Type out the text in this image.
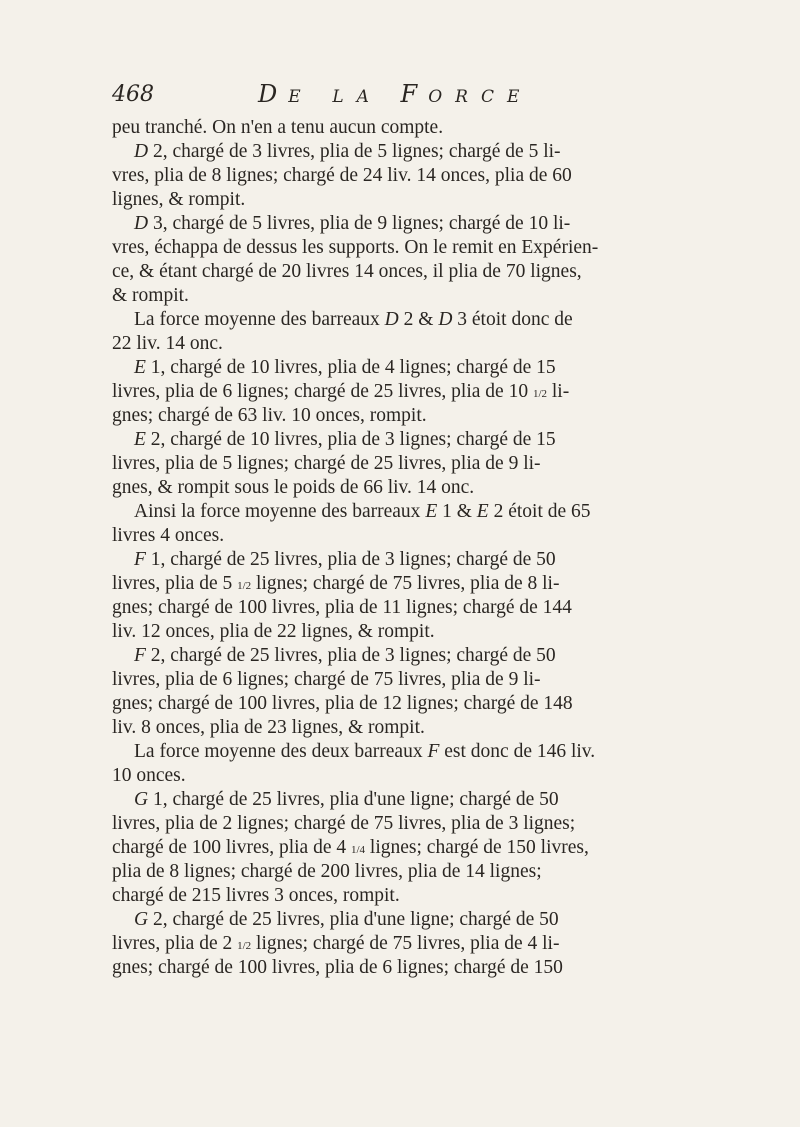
468	DE LA FORCE
peu tranché. On n'en a tenu aucun compte.
D 2, chargé de 3 livres, plia de 5 lignes; chargé de 5 li-
vres, plia de 8 lignes; chargé de 24 liv. 14 onces, plia de 60
lignes, & rompit.
D 3, chargé de 5 livres, plia de 9 lignes; chargé de 10 li-
vres, échappa de dessus les supports. On le remit en Expérien-
ce, & étant chargé de 20 livres 14 onces, il plia de 70 lignes,
& rompit.
La force moyenne des barreaux D 2 & D 3 étoit donc de
22 liv. 14 onc.
E 1, chargé de 10 livres, plia de 4 lignes; chargé de 15
livres, plia de 6 lignes; chargé de 25 livres, plia de 10 1/2 li-
gnes; chargé de 63 liv. 10 onces, rompit.
E 2, chargé de 10 livres, plia de 3 lignes; chargé de 15
livres, plia de 5 lignes; chargé de 25 livres, plia de 9 li-
gnes, & rompit sous le poids de 66 liv. 14 onc.
Ainsi la force moyenne des barreaux E 1 & E 2 étoit de 65
livres 4 onces.
F 1, chargé de 25 livres, plia de 3 lignes; chargé de 50
livres, plia de 5 1/2 lignes; chargé de 75 livres, plia de 8 li-
gnes; chargé de 100 livres, plia de 11 lignes; chargé de 144
liv. 12 onces, plia de 22 lignes, & rompit.
F 2, chargé de 25 livres, plia de 3 lignes; chargé de 50
livres, plia de 6 lignes; chargé de 75 livres, plia de 9 li-
gnes; chargé de 100 livres, plia de 12 lignes; chargé de 148
liv. 8 onces, plia de 23 lignes, & rompit.
La force moyenne des deux barreaux F est donc de 146 liv.
10 onces.
G 1, chargé de 25 livres, plia d'une ligne; chargé de 50
livres, plia de 2 lignes; chargé de 75 livres, plia de 3 lignes;
chargé de 100 livres, plia de 4 1/4 lignes; chargé de 150 livres,
plia de 8 lignes; chargé de 200 livres, plia de 14 lignes;
chargé de 215 livres 3 onces, rompit.
G 2, chargé de 25 livres, plia d'une ligne; chargé de 50
livres, plia de 2 1/2 lignes; chargé de 75 livres, plia de 4 li-
gnes; chargé de 100 livres, plia de 6 lignes; chargé de 150
